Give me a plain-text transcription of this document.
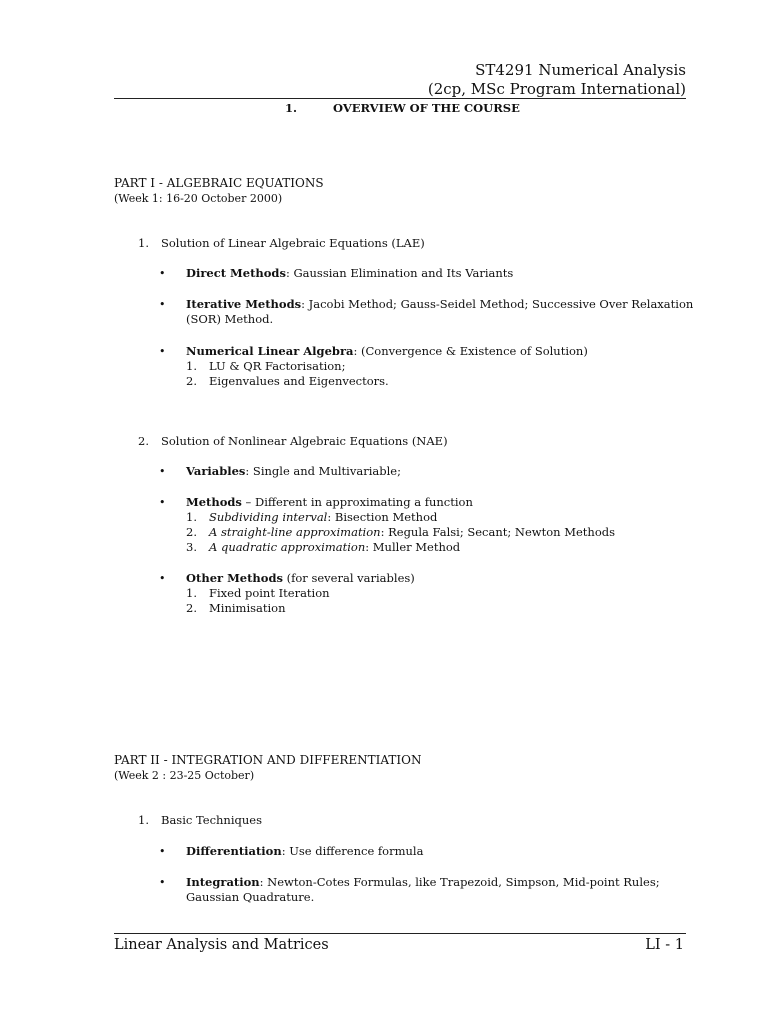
ST4291 Numerical Analysis
(2cp, MSc Program International)
1.	OVERVIEW OF THE COURSE
PART I - ALGEBRAIC EQUATIONS
(Week 1: 16-20 October 2000)
1. Solution of Linear Algebraic Equations (LAE)
• Direct Methods: Gaussian Elimination and Its Variants
• Iterative Methods: Jacobi Method; Gauss-Seidel Method; Successive Over Relaxation
(SOR) Method.
• Numerical Linear Algebra: (Convergence & Existence of Solution)
1. LU & QR Factorisation;
2. Eigenvalues and Eigenvectors.
2. Solution of Nonlinear Algebraic Equations (NAE)
• Variables: Single and Multivariable;
• Methods – Different in approximating a function
1. Subdividing interval: Bisection Method
2. A straight-line approximation: Regula Falsi; Secant; Newton Methods
3. A quadratic approximation: Muller Method
• Other Methods (for several variables)
1. Fixed point Iteration
2. Minimisation
PART II - INTEGRATION AND DIFFERENTIATION
(Week 2 : 23-25 October)
1. Basic Techniques
• Differentiation: Use difference formula
• Integration: Newton-Cotes Formulas, like Trapezoid, Simpson, Mid-point Rules;
Gaussian Quadrature.
Linear Analysis and Matrices	LI - 1
